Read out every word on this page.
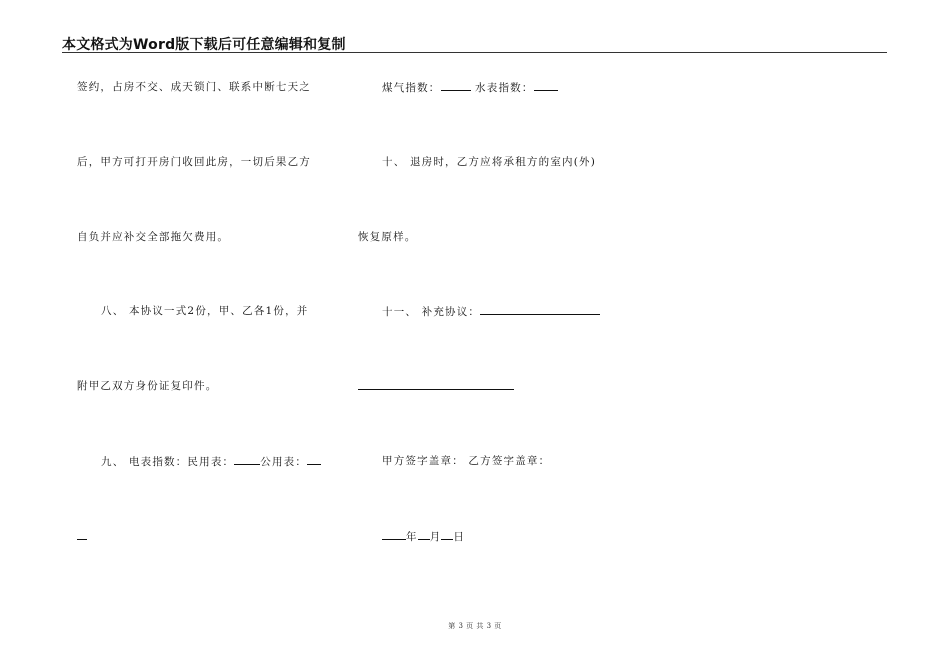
本文格式为Word版下载后可任意编辑和复制
签约，占房不交、成天锁门、联系中断七天之
后，甲方可打开房门收回此房，一切后果乙方
自负并应补交全部拖欠费用。
八、 本协议一式2份，甲、乙各1份，并
附甲乙双方身份证复印件。
九、 电表指数：民用表： 公用表：
煤气指数：	水表指数：
十、 退房时，乙方应将承租方的室内(外)
恢复原样。
十一、 补充协议：
甲方签字盖章： 乙方签字盖章：
年 月 日
第 3 页 共 3 页
